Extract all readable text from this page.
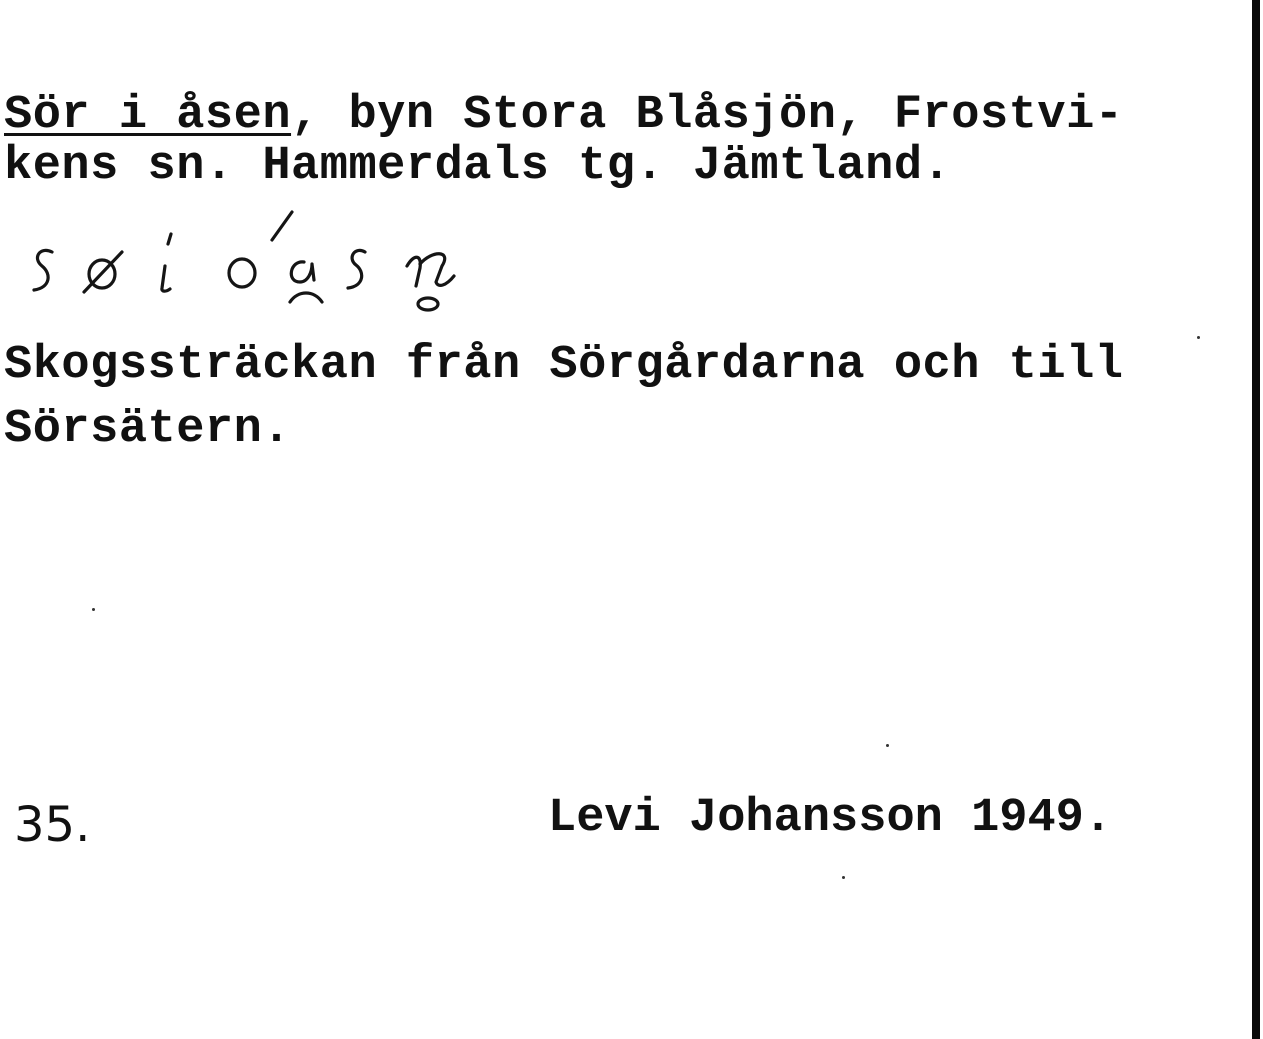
Sör i åsen, byn Stora Blåsjön, Frostvi-
kens sn. Hammerdals tg. Jämtland.
Skogssträckan från Sörgårdarna och till
Sörsätern.
35.	Levi Johansson 1949.
